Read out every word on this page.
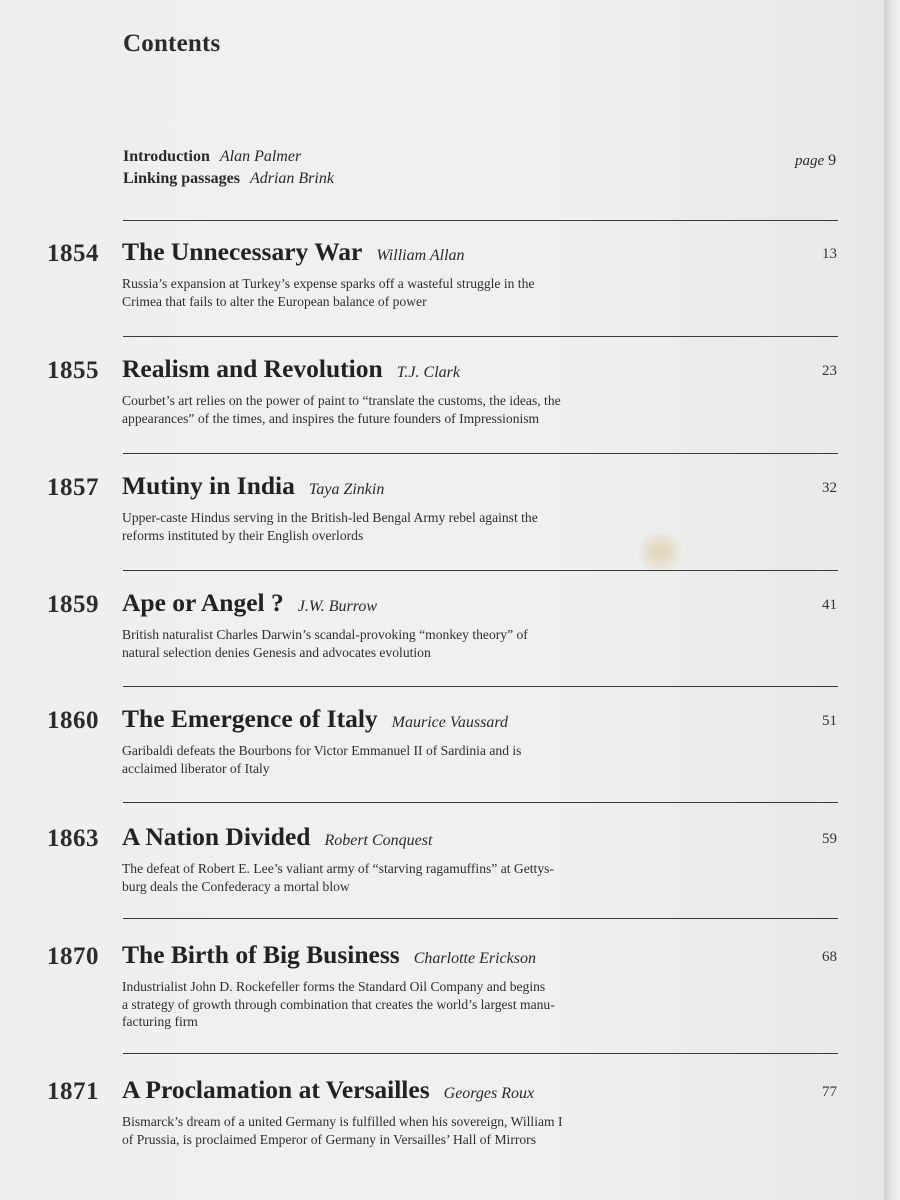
Contents
Introduction Alan Palmer
Linking passages Adrian Brink
page 9
1854 The Unnecessary War William Allan	13
Russia’s expansion at Turkey’s expense sparks off a wasteful struggle in the
Crimea that fails to alter the European balance of power
1855 Realism and Revolution T.J. Clark	23
Courbet’s art relies on the power of paint to “translate the customs, the ideas, the
appearances” of the times, and inspires the future founders of Impressionism
1857 Mutiny in India Taya Zinkin	32
Upper-caste Hindus serving in the British-led Bengal Army rebel against the
reforms instituted by their English overlords
1859 Ape or Angel ? J.W. Burrow	41
British naturalist Charles Darwin’s scandal-provoking “monkey theory” of
natural selection denies Genesis and advocates evolution
1860 The Emergence of Italy Maurice Vaussard	51
Garibaldi defeats the Bourbons for Victor Emmanuel II of Sardinia and is
acclaimed liberator of Italy
1863 A Nation Divided Robert Conquest	59
The defeat of Robert E. Lee’s valiant army of “starving ragamuffins” at Gettys-
burg deals the Confederacy a mortal blow
1870 The Birth of Big Business Charlotte Erickson	68
Industrialist John D. Rockefeller forms the Standard Oil Company and begins
a strategy of growth through combination that creates the world’s largest manu-
facturing firm
1871 A Proclamation at Versailles Georges Roux	77
Bismarck’s dream of a united Germany is fulfilled when his sovereign, William I
of Prussia, is proclaimed Emperor of Germany in Versailles’ Hall of Mirrors
